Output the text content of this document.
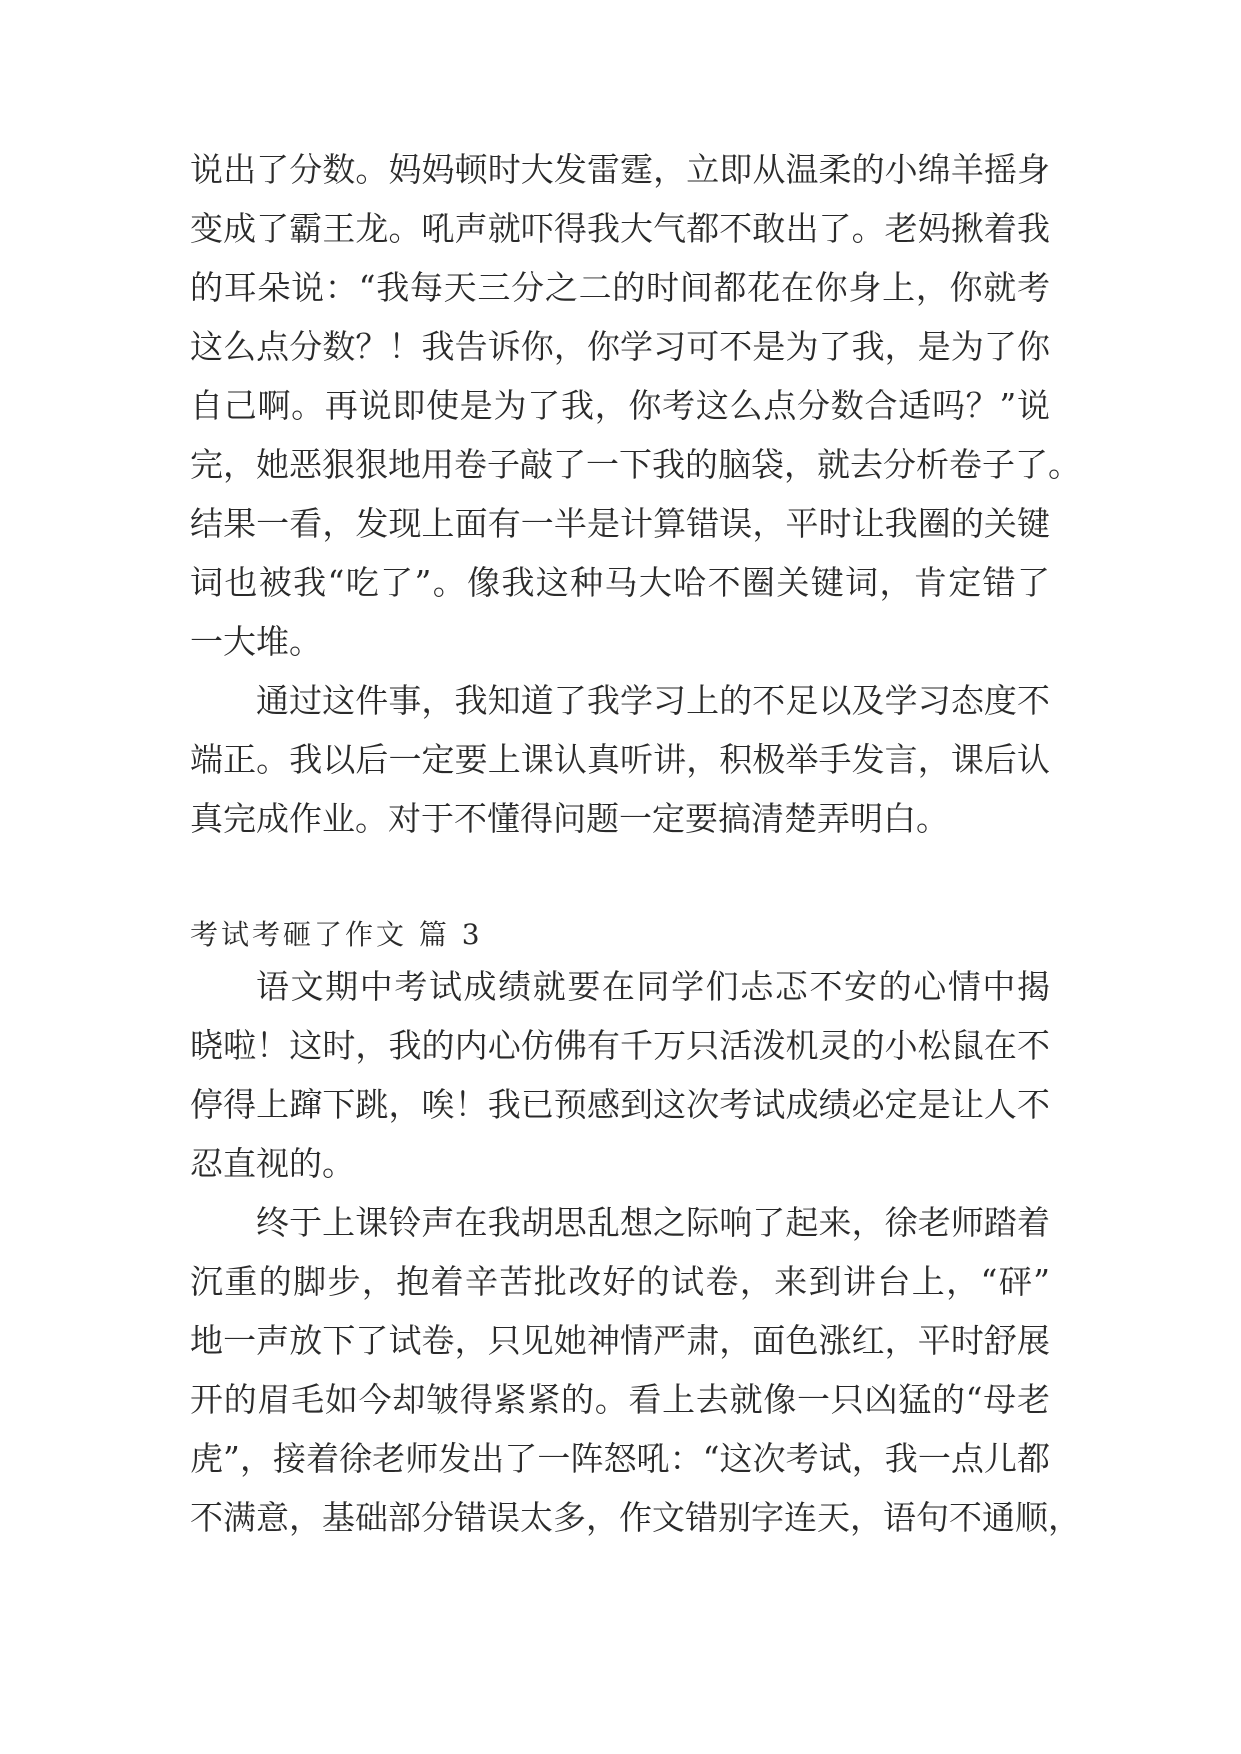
说出了分数。妈妈顿时大发雷霆，立即从温柔的小绵羊摇身
变成了霸王龙。吼声就吓得我大气都不敢出了。老妈揪着我
的耳朵说：“我每天三分之二的时间都花在你身上，你就考
这么点分数？！我告诉你，你学习可不是为了我，是为了你
自己啊。再说即使是为了我，你考这么点分数合适吗？”说
完，她恶狠狠地用卷子敲了一下我的脑袋，就去分析卷子了。
结果一看，发现上面有一半是计算错误，平时让我圈的关键
词也被我“吃了”。像我这种马大哈不圈关键词，肯定错了
一大堆。
通过这件事，我知道了我学习上的不足以及学习态度不
端正。我以后一定要上课认真听讲，积极举手发言，课后认
真完成作业。对于不懂得问题一定要搞清楚弄明白。
考试考砸了作文 篇 3
语文期中考试成绩就要在同学们忐忑不安的心情中揭
晓啦！这时，我的内心仿佛有千万只活泼机灵的小松鼠在不
停得上蹿下跳，唉！我已预感到这次考试成绩必定是让人不
忍直视的。
终于上课铃声在我胡思乱想之际响了起来，徐老师踏着
沉重的脚步，抱着辛苦批改好的试卷，来到讲台上，“砰”
地一声放下了试卷，只见她神情严肃，面色涨红，平时舒展
开的眉毛如今却皱得紧紧的。看上去就像一只凶猛的“母老
虎”，接着徐老师发出了一阵怒吼：“这次考试，我一点儿都
不满意，基础部分错误太多，作文错别字连天，语句不通顺，
